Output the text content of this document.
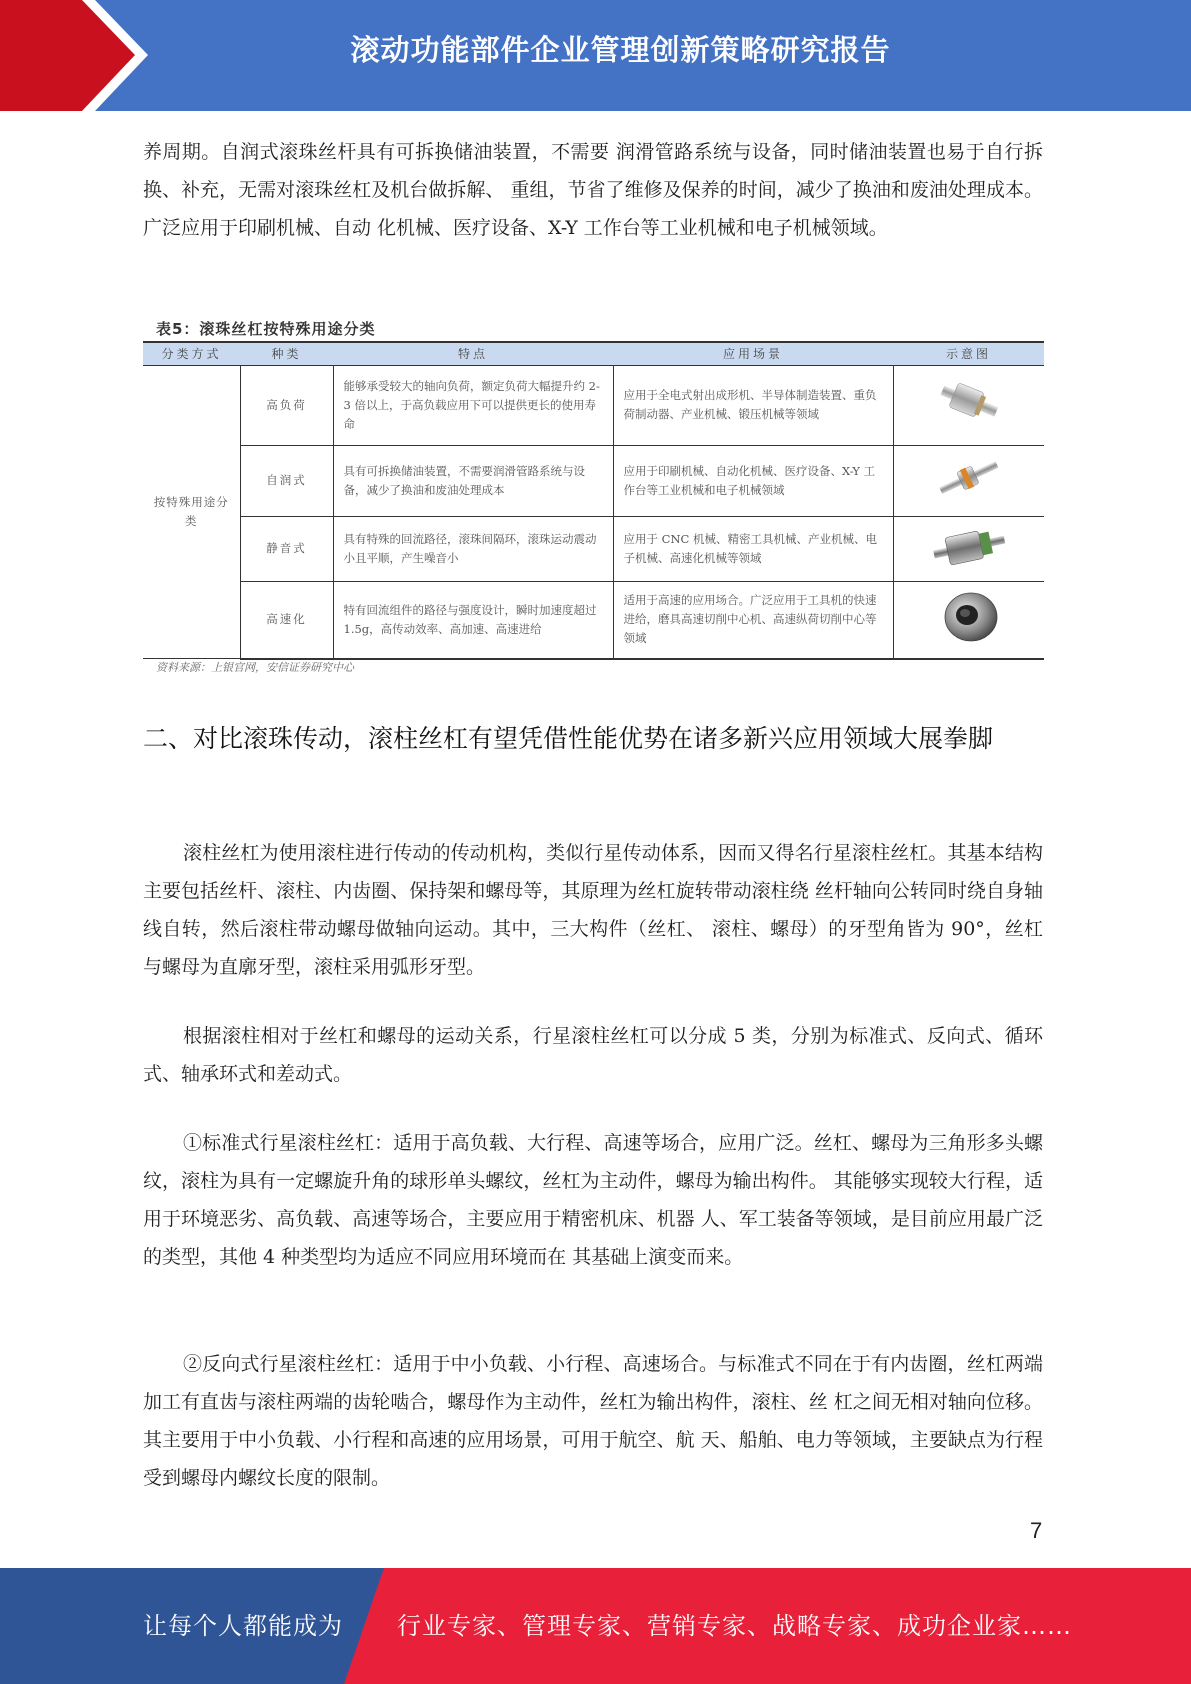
滚动功能部件企业管理创新策略研究报告
养周期。自润式滚珠丝杆具有可拆换储油装置，不需要 润滑管路系统与设备，同时储油装置也易于自行拆换、补充，无需对滚珠丝杠及机台做拆解、 重组，节省了维修及保养的时间，减少了换油和废油处理成本。广泛应用于印刷机械、自动 化机械、医疗设备、X-Y 工作台等工业机械和电子机械领域。
表5：滚珠丝杠按特殊用途分类
分类方式	种类	特点	应用场景	示意图
按特殊用途分类	高负荷	能够承受较大的轴向负荷，额定负荷大幅提升约 2-3 倍以上，于高负载应用下可以提供更长的使用寿命	应用于全电式射出成形机、半导体制造装置、重负荷制动器、产业机械、锻压机械等领域	
	自润式	具有可拆换储油装置，不需要润滑管路系统与设备，减少了换油和废油处理成本	应用于印刷机械、自动化机械、医疗设备、X-Y 工作台等工业机械和电子机械领域	
	静音式	具有特殊的回流路径，滚珠间隔环，滚珠运动震动小且平顺，产生噪音小	应用于 CNC 机械、精密工具机械、产业机械、电子机械、高速化机械等领域	
	高速化	特有回流组件的路径与强度设计，瞬时加速度超过 1.5g，高传动效率、高加速、高速进给	适用于高速的应用场合。广泛应用于工具机的快速进给，磨具高速切削中心机、高速纵荷切削中心等领域	
资料来源：上银官网，安信证券研究中心
二、对比滚珠传动，滚柱丝杠有望凭借性能优势在诸多新兴应用领域大展拳脚
滚柱丝杠为使用滚柱进行传动的传动机构，类似行星传动体系，因而又得名行星滚柱丝杠。其基本结构主要包括丝杆、滚柱、内齿圈、保持架和螺母等，其原理为丝杠旋转带动滚柱绕 丝杆轴向公转同时绕自身轴线自转，然后滚柱带动螺母做轴向运动。其中，三大构件（丝杠、 滚柱、螺母）的牙型角皆为 90°，丝杠与螺母为直廓牙型，滚柱采用弧形牙型。
根据滚柱相对于丝杠和螺母的运动关系，行星滚柱丝杠可以分成 5 类，分别为标准式、反向式、循环式、轴承环式和差动式。
①标准式行星滚柱丝杠：适用于高负载、大行程、高速等场合，应用广泛。丝杠、螺母为三角形多头螺纹，滚柱为具有一定螺旋升角的球形单头螺纹，丝杠为主动件，螺母为输出构件。 其能够实现较大行程，适用于环境恶劣、高负载、高速等场合，主要应用于精密机床、机器 人、军工装备等领域，是目前应用最广泛的类型，其他 4 种类型均为适应不同应用环境而在 其基础上演变而来。
②反向式行星滚柱丝杠：适用于中小负载、小行程、高速场合。与标准式不同在于有内齿圈，丝杠两端加工有直齿与滚柱两端的齿轮啮合，螺母作为主动件，丝杠为输出构件，滚柱、丝 杠之间无相对轴向位移。其主要用于中小负载、小行程和高速的应用场景，可用于航空、航 天、船舶、电力等领域，主要缺点为行程受到螺母内螺纹长度的限制。
7
让每个人都能成为 行业专家、管理专家、营销专家、战略专家、成功企业家……
